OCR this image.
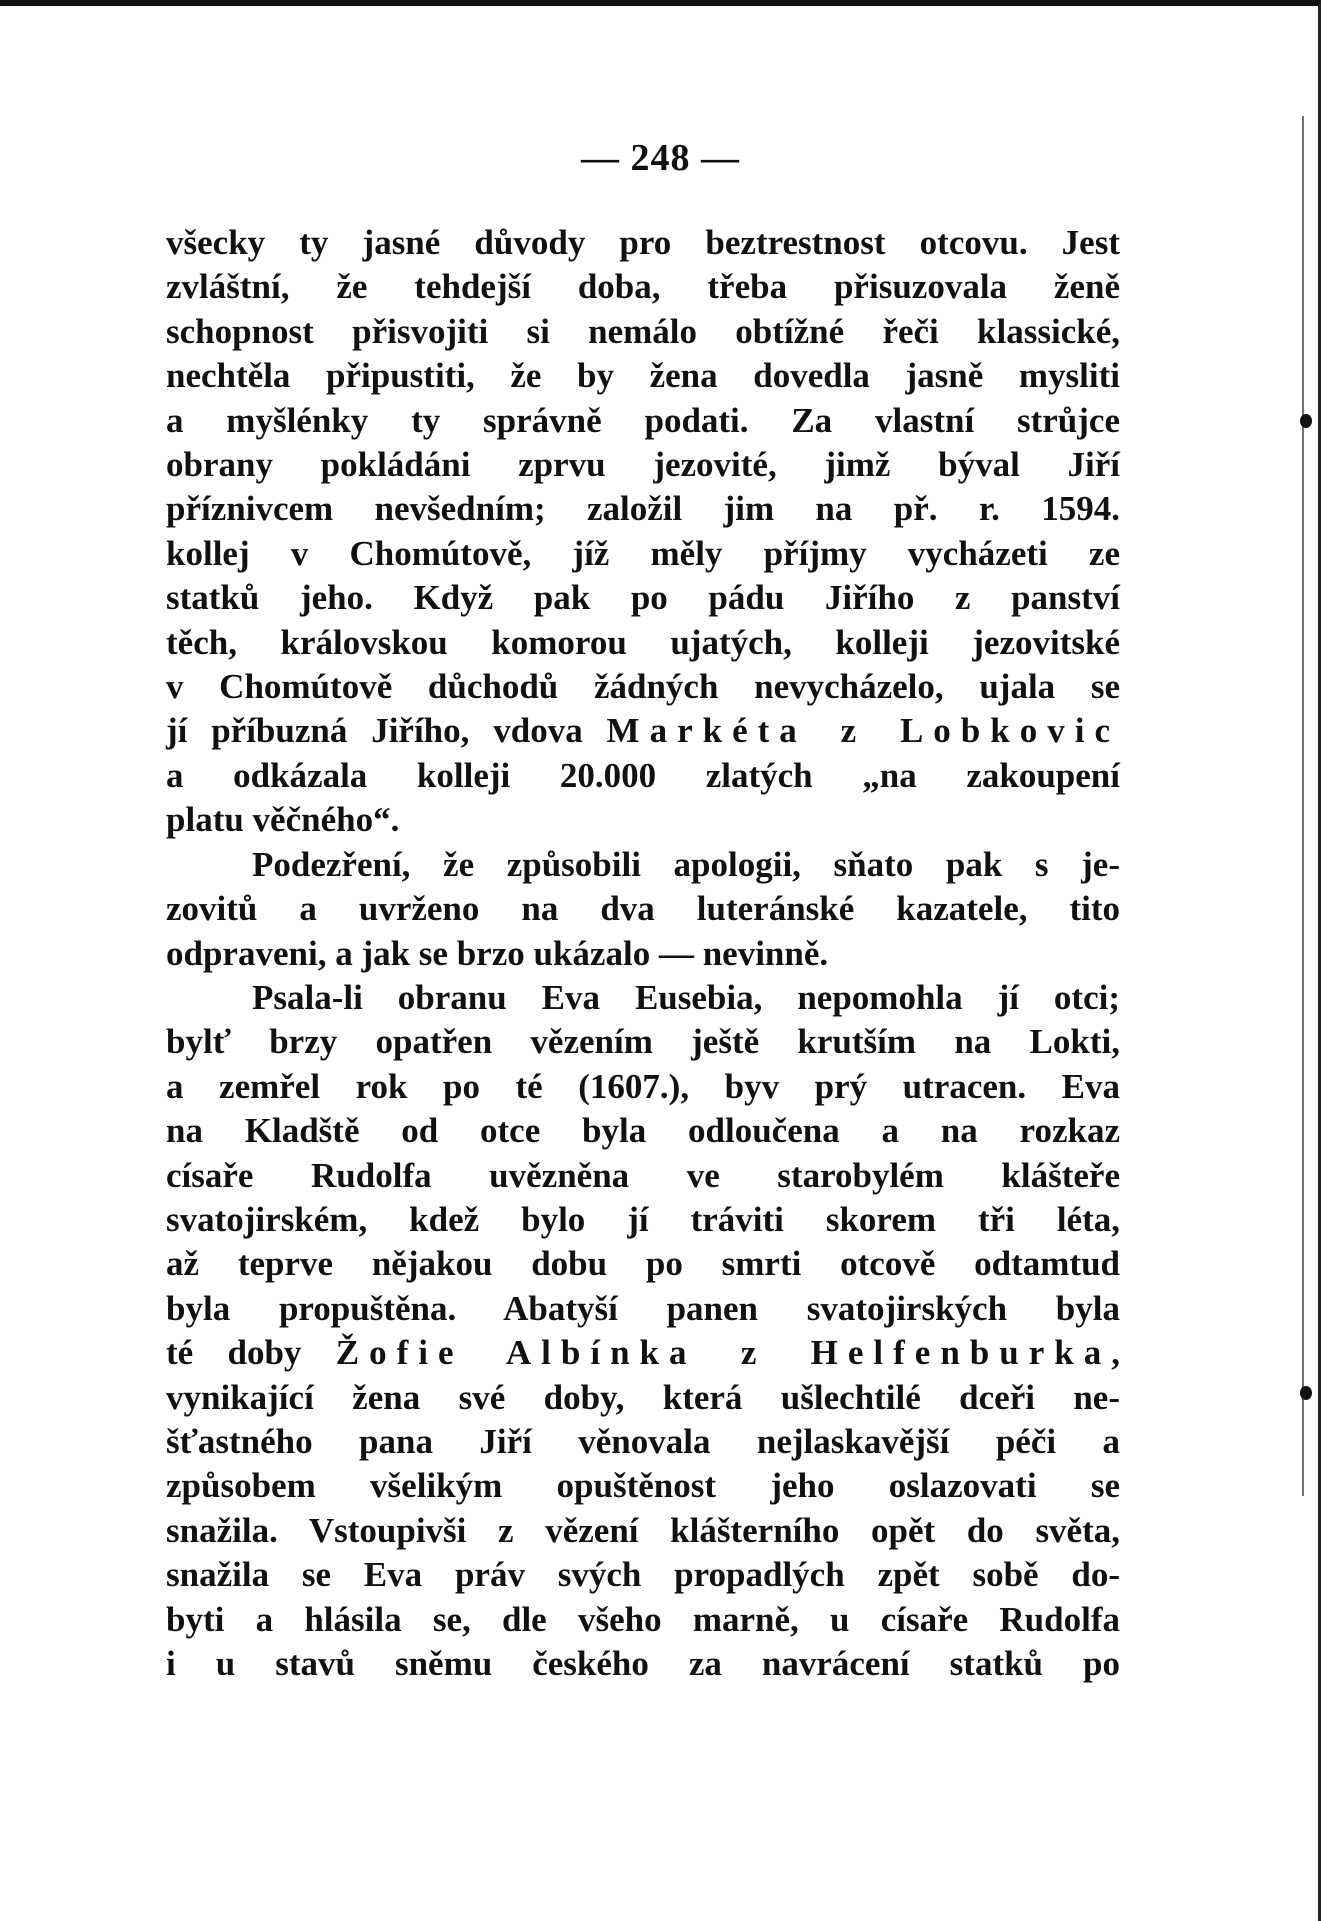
— 248 —
všecky ty jasné důvody pro beztrestnost otcovu. Jest
zvláštní, že tehdejší doba, třeba přisuzovala ženě
schopnost přisvojiti si nemálo obtížné řeči klassické,
nechtěla připustiti, že by žena dovedla jasně mysliti
a myšlénky ty správně podati. Za vlastní strůjce
obrany pokládáni zprvu jezovité, jimž býval Jiří
příznivcem nevšedním; založil jim na př. r. 1594.
kollej v Chomútově, jíž měly příjmy vycházeti ze
statků jeho. Když pak po pádu Jiřího z panství
těch, královskou komorou ujatých, kolleji jezovitské
v Chomútově důchodů žádných nevycházelo, ujala se
jí příbuzná Jiřího, vdova Markéta z Lobkovic
a odkázala kolleji 20.000 zlatých „na zakoupení
platu věčného“.
Podezření, že způsobili apologii, sňato pak s je-
zovitů a uvrženo na dva luteránské kazatele, tito
odpraveni, a jak se brzo ukázalo — nevinně.
Psala-li obranu Eva Eusebia, nepomohla jí otci;
bylť brzy opatřen vězením ještě krutším na Lokti,
a zemřel rok po té (1607.), byv prý utracen. Eva
na Kladště od otce byla odloučena a na rozkaz
císaře Rudolfa uvězněna ve starobylém klášteře
svatojirském, kdež bylo jí tráviti skorem tři léta,
až teprve nějakou dobu po smrti otcově odtamtud
byla propuštěna. Abatyší panen svatojirských byla
té doby Žofie Albínka z Helfenburka,
vynikající žena své doby, která ušlechtilé dceři ne-
šťastného pana Jiří věnovala nejlaskavější péči a
způsobem všelikým opuštěnost jeho oslazovati se
snažila. Vstoupivši z vězení klášterního opět do světa,
snažila se Eva práv svých propadlých zpět sobě do-
byti a hlásila se, dle všeho marně, u císaře Rudolfa
i u stavů sněmu českého za navrácení statků po
